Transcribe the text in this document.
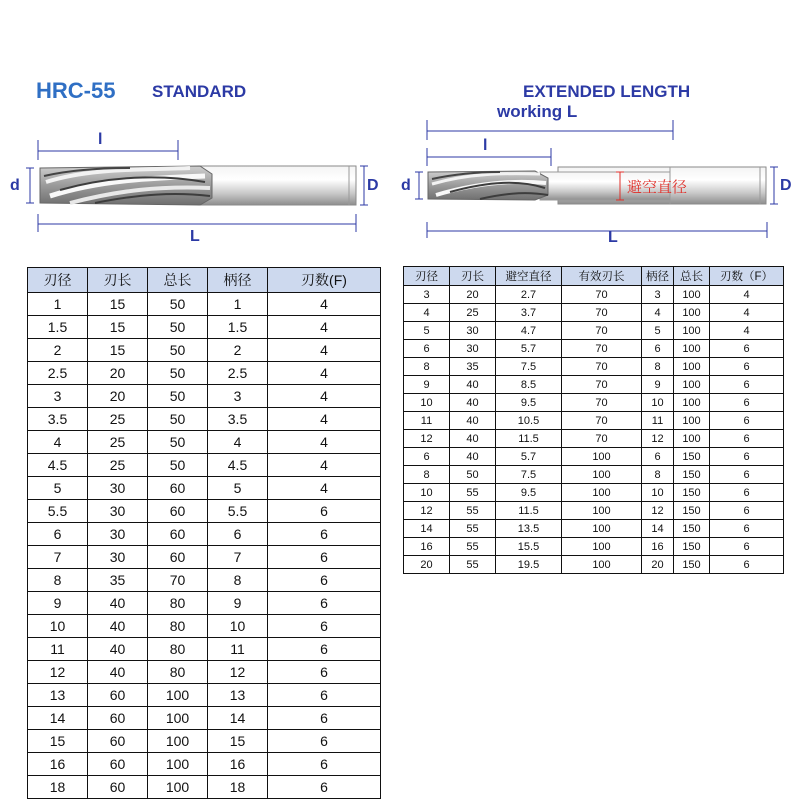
HRC-55 STANDARD	EXTENDED LENGTH
working L
l
d	D
L
l
d	D
L
避空直径
刃径	刃长	总长	柄径	刃数(F)
1	15	50	1	4
1.5	15	50	1.5	4
2	15	50	2	4
2.5	20	50	2.5	4
3	20	50	3	4
3.5	25	50	3.5	4
4	25	50	4	4
4.5	25	50	4.5	4
5	30	60	5	4
5.5	30	60	5.5	6
6	30	60	6	6
7	30	60	7	6
8	35	70	8	6
9	40	80	9	6
10	40	80	10	6
11	40	80	11	6
12	40	80	12	6
13	60	100	13	6
14	60	100	14	6
15	60	100	15	6
16	60	100	16	6
18	60	100	18	6
刃径	刃长	避空直径	有效刃长	柄径	总长	刃数（F）
3	20	2.7	70	3	100	4
4	25	3.7	70	4	100	4
5	30	4.7	70	5	100	4
6	30	5.7	70	6	100	6
8	35	7.5	70	8	100	6
9	40	8.5	70	9	100	6
10	40	9.5	70	10	100	6
11	40	10.5	70	11	100	6
12	40	11.5	70	12	100	6
6	40	5.7	100	6	150	6
8	50	7.5	100	8	150	6
10	55	9.5	100	10	150	6
12	55	11.5	100	12	150	6
14	55	13.5	100	14	150	6
16	55	15.5	100	16	150	6
20	55	19.5	100	20	150	6
